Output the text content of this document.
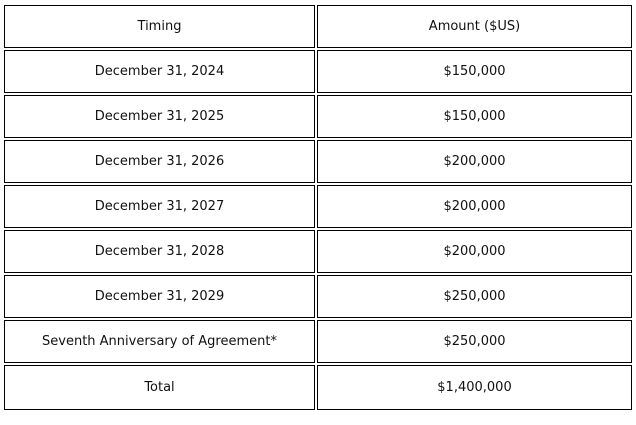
Timing	Amount ($US)
December 31, 2024	$150,000
December 31, 2025	$150,000
December 31, 2026	$200,000
December 31, 2027	$200,000
December 31, 2028	$200,000
December 31, 2029	$250,000
Seventh Anniversary of Agreement*	$250,000
Total	$1,400,000
